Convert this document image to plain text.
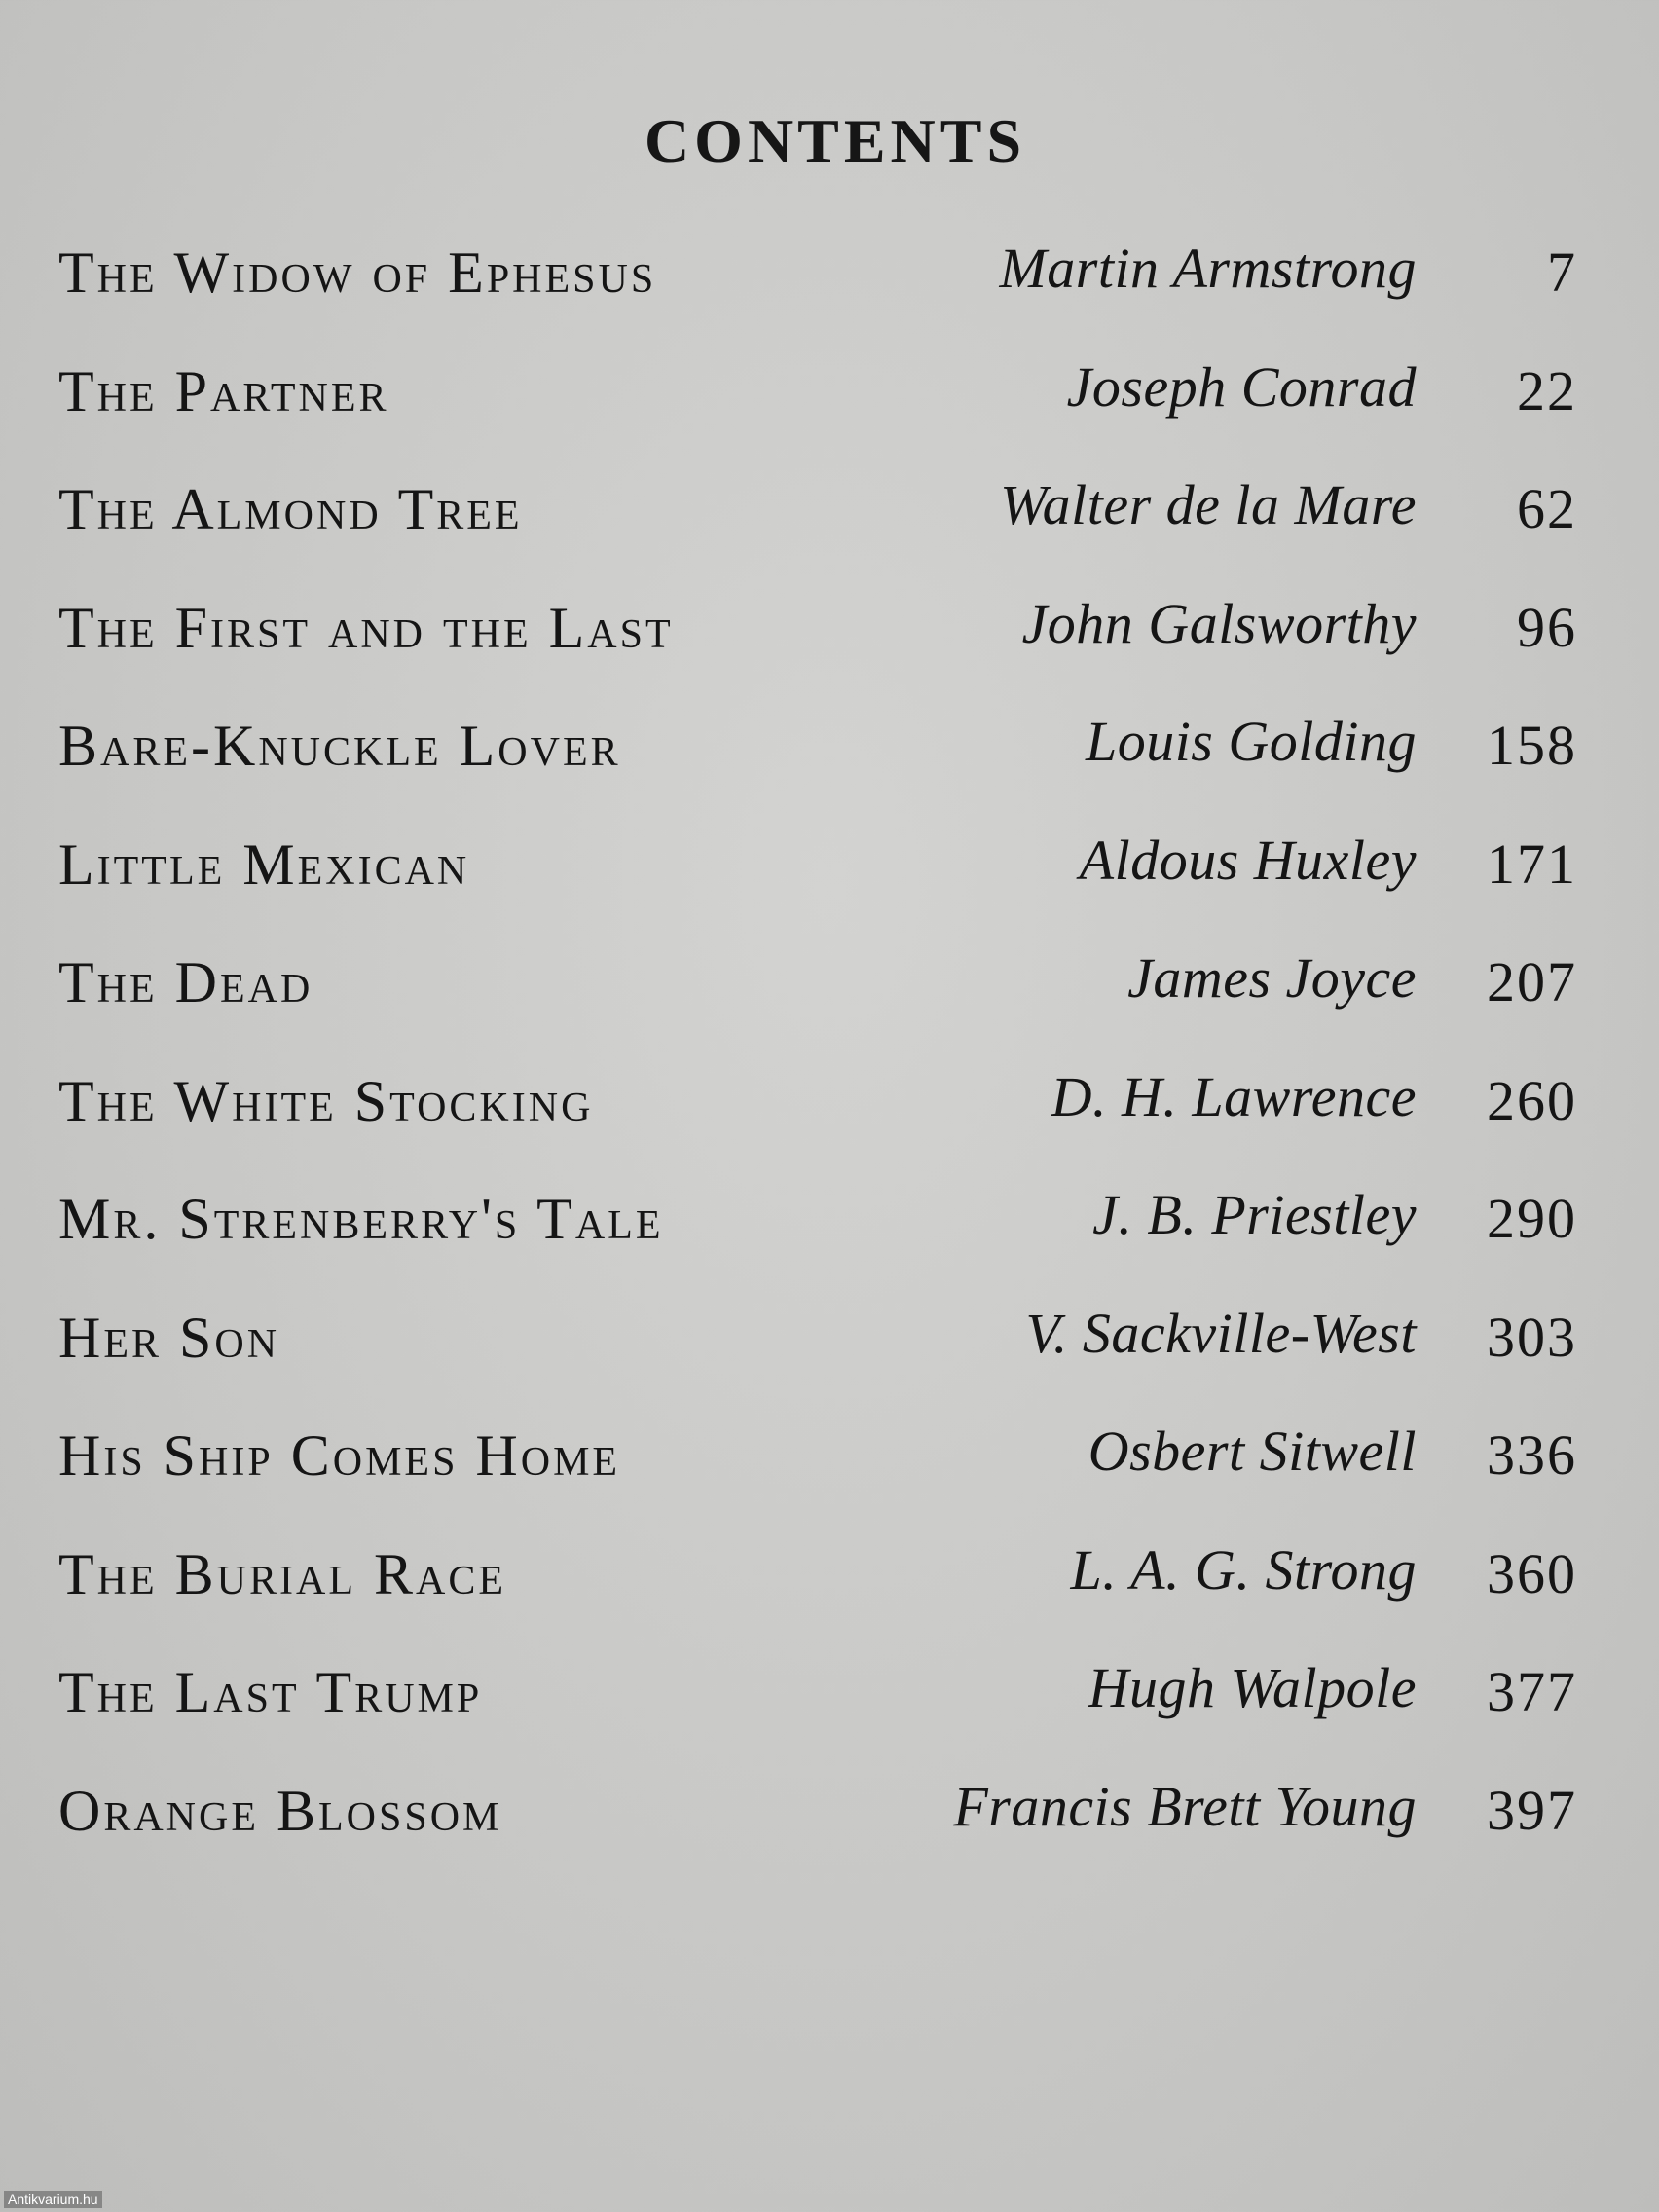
CONTENTS
The Widow of Ephesus	Martin Armstrong	7
The Partner	Joseph Conrad	22
The Almond Tree	Walter de la Mare	62
The First and the Last	John Galsworthy	96
Bare-Knuckle Lover	Louis Golding	158
Little Mexican	Aldous Huxley	171
The Dead	James Joyce	207
The White Stocking	D. H. Lawrence	260
Mr. Strenberry's Tale	J. B. Priestley	290
Her Son	V. Sackville-West	303
His Ship Comes Home	Osbert Sitwell	336
The Burial Race	L. A. G. Strong	360
The Last Trump	Hugh Walpole	377
Orange Blossom	Francis Brett Young	397
Antikvarium.hu
